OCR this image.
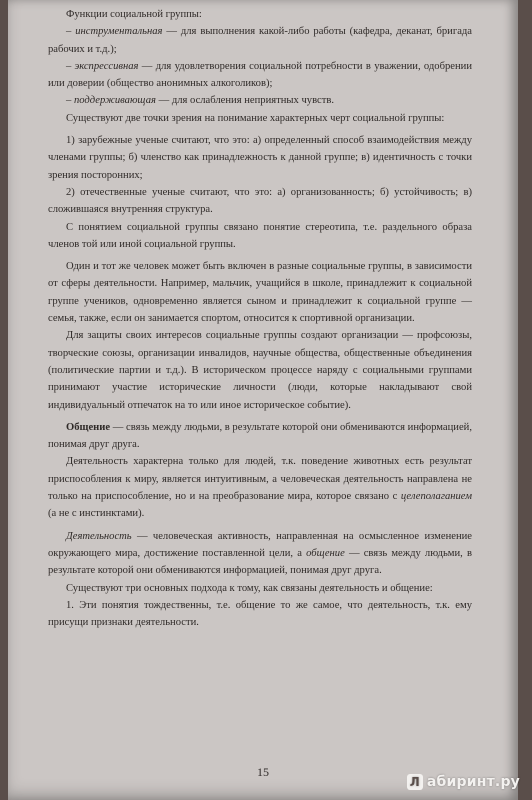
Функции социальной группы:

– инструментальная — для выполнения какой-либо работы (кафедра, деканат, бригада рабочих и т.д.);

– экспрессивная — для удовлетворения социальной потребности в уважении, одобрении или доверии (общество анонимных алкоголиков);

– поддерживающая — для ослабления неприятных чувств.

Существуют две точки зрения на понимание характерных черт социальной группы:

1) зарубежные ученые считают, что это: а) определенный способ взаимодействия между членами группы; б) членство как принадлежность к данной группе; в) идентичность с точки зрения посторонних;

2) отечественные ученые считают, что это: а) организованность; б) устойчивость; в) сложившаяся внутренняя структура.

С понятием социальной группы связано понятие стереотипа, т.е. раздельного образа членов той или иной социальной группы.

Один и тот же человек может быть включен в разные социальные группы, в зависимости от сферы деятельности. Например, мальчик, учащийся в школе, принадлежит к социальной группе учеников, одновременно является сыном и принадлежит к социальной группе — семья, также, если он занимается спортом, относится к спортивной организации.

Для защиты своих интересов социальные группы создают организации — профсоюзы, творческие союзы, организации инвалидов, научные общества, общественные объединения (политические партии и т.д.). В историческом процессе наряду с социальными группами принимают участие исторические личности (люди, которые накладывают свой индивидуальный отпечаток на то или иное историческое событие).

Общение — связь между людьми, в результате которой они обмениваются информацией, понимая друг друга.

Деятельность характерна только для людей, т.к. поведение животных есть результат приспособления к миру, является интуитивным, а человеческая деятельность направлена не только на приспособление, но и на преобразование мира, которое связано с целеполаганием (а не с инстинктами).

Деятельность — человеческая активность, направленная на осмысленное изменение окружающего мира, достижение поставленной цели, а общение — связь между людьми, в результате которой они обмениваются информацией, понимая друг друга.

Существуют три основных подхода к тому, как связаны деятельность и общение:

1. Эти понятия тождественны, т.е. общение то же самое, что деятельность, т.к. ему присущи признаки деятельности.

15
Л абиринт.ру
